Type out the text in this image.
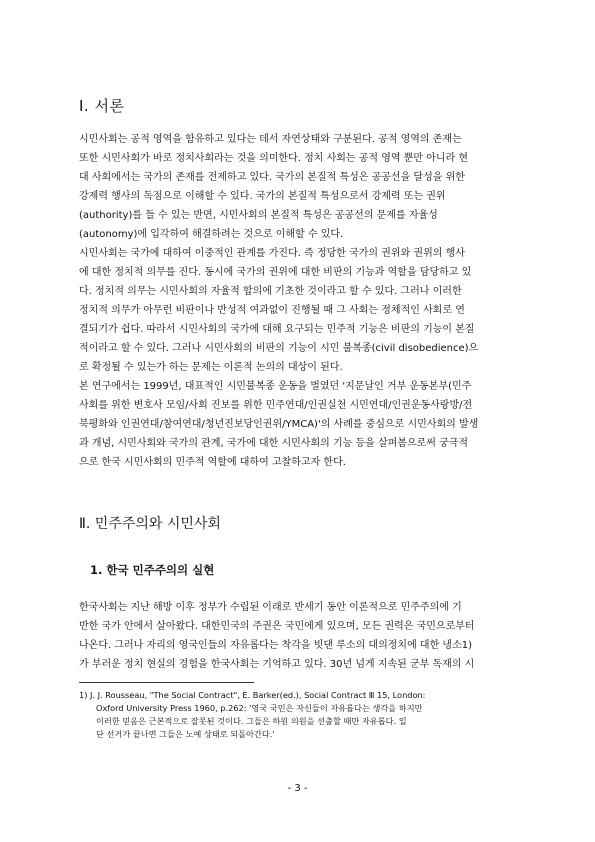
Ⅰ. 서론
시민사회는 공적 영역을 함유하고 있다는 데서 자연상태와 구분된다. 공적 영역의 존재는
또한 시민사회가 바로 정치사회라는 것을 의미한다. 정치 사회는 공적 영역 뿐만 아니라 현
대 사회에서는 국가의 존재를 전제하고 있다. 국가의 본질적 특성은 공공선을 달성을 위한
강제력 행사의 독점으로 이해할 수 있다. 국가의 본질적 특성으로서 강제력 또는 권위
(authority)를 들 수 있는 반면, 시민사회의 본질적 특성은 공공선의 문제를 자율성
(autonomy)에 입각하여 해결하려는 것으로 이해할 수 있다.
시민사회는 국가에 대하여 이중적인 관계를 가진다. 즉 정당한 국가의 권위와 권위의 행사
에 대한 정치적 의무를 진다. 동시에 국가의 권위에 대한 비판의 기능과 역할을 담당하고 있
다. 정치적 의무는 시민사회의 자율적 합의에 기초한 것이라고 할 수 있다. 그러나 이러한
정치적 의무가 아무런 비판이나 반성적 여과없이 진행될 때 그 사회는 정체적인 사회로 연
결되기가 쉽다. 따라서 시민사회의 국가에 대해 요구되는 민주적 기능은 비판의 기능이 본질
적이라고 할 수 있다. 그러나 시민사회의 비판의 기능이 시민 불복종(civil disobedience)으
로 확정될 수 있는가 하는 문제는 이론적 논의의 대상이 된다.
본 연구에서는 1999년, 대표적인 시민불복종 운동을 벌였던 '지문날인 거부 운동본부(민주
사회를 위한 변호사 모임/사회 진보를 위한 민주연대/인권실천 시민연대/인권운동사랑방/전
북평화와 인권연대/참여연대/청년진보당인권위/YMCA)'의 사례를 중심으로 시민사회의 발생
과 개념, 시민사회와 국가의 관계, 국가에 대한 시민사회의 기능 등을 살펴봄으로써 궁극적
으로 한국 시민사회의 민주적 역할에 대하여 고찰하고자 한다.
Ⅱ. 민주주의와 시민사회
1. 한국 민주주의의 실현
한국사회는 지난 해방 이후 정부가 수립된 이래로 반세기 동안 이론적으로 민주주의에 기
반한 국가 안에서 살아왔다. 대한민국의 주권은 국민에게 있으며, 모든 권력은 국민으로부터
나온다. 그러나 자리의 영국인들의 자유롭다는 착각을 빗댄 루소의 대의정치에 대한 냉소1)
가 부러운 정치 현실의 경험을 한국사회는 기억하고 있다. 30년 넘게 지속된 군부 독재의 시
1) J. J. Rousseau, "The Social Contract", E. Barker(ed.), Social Contract Ⅲ 15, London:
Oxford University Press 1960, p.262: '영국 국민은 자신들이 자유롭다는 생각을 하지만
이러한 믿음은 근본적으로 잘못된 것이다. 그들은 하원 의원을 선출할 때만 자유롭다. 일
단 선거가 끝나면 그들은 노예 상태로 되돌아간다.'
- 3 -
